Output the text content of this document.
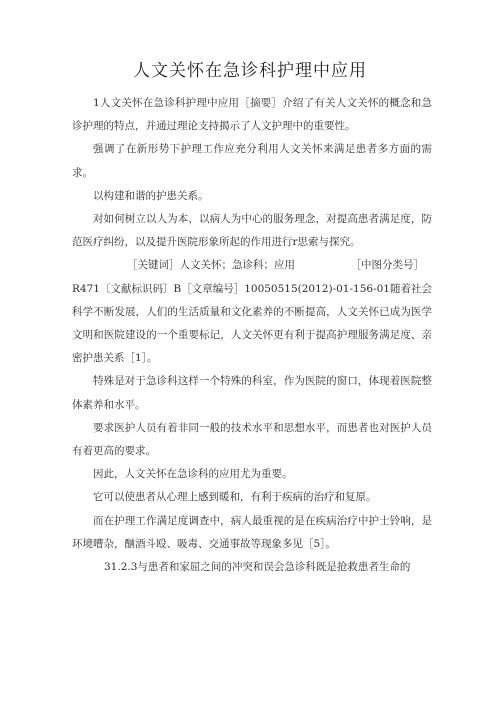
人文关怀在急诊科护理中应用

1人文关怀在急诊科护理中应用［摘要］介绍了有关人文关怀的概念和急诊护理的特点，并通过理论支持揭示了人文护理中的重要性。

强调了在新形势下护理工作应充分利用人文关怀来满足患者多方面的需求。

以构建和谐的护患关系。

对如何树立以人为本，以病人为中心的服务理念，对提高患者满足度，防范医疗纠纷，以及提升医院形象所起的作用进行r思索与探究。

［关键词］人文关怀；急诊科；应用	［中图分类号］

R471〔文献标识码〕B［文章编号］10050515(2012)-01-156-01随着社会科学不断发展，人们的生活质量和文化素养的不断提高，人文关怀已成为医学文明和医院建设的一个重要标记，人文关怀更有利于提高护理服务满足度、亲密护患关系［1］。

特殊是对于急诊科这样一个特殊的科室，作为医院的窗口，体现着医院整体素养和水平。

要求医护人员有着非同一般的技术水平和思想水平，而患者也对医护人员有着更高的要求。

因此，人文关怀在急诊科的应用尤为重要。

它可以使患者从心理上感到暖和，有利于疾病的治疗和复原。

而在护理工作满足度调查中，病人最重视的是在疾病治疗中护士铃响，是环境嘈杂，酗酒斗殴、吸毒、交通事故等现象多见［5］。

31.2.3与患者和家屈之间的冲突和误会急诊科既是抢救患者生命的
